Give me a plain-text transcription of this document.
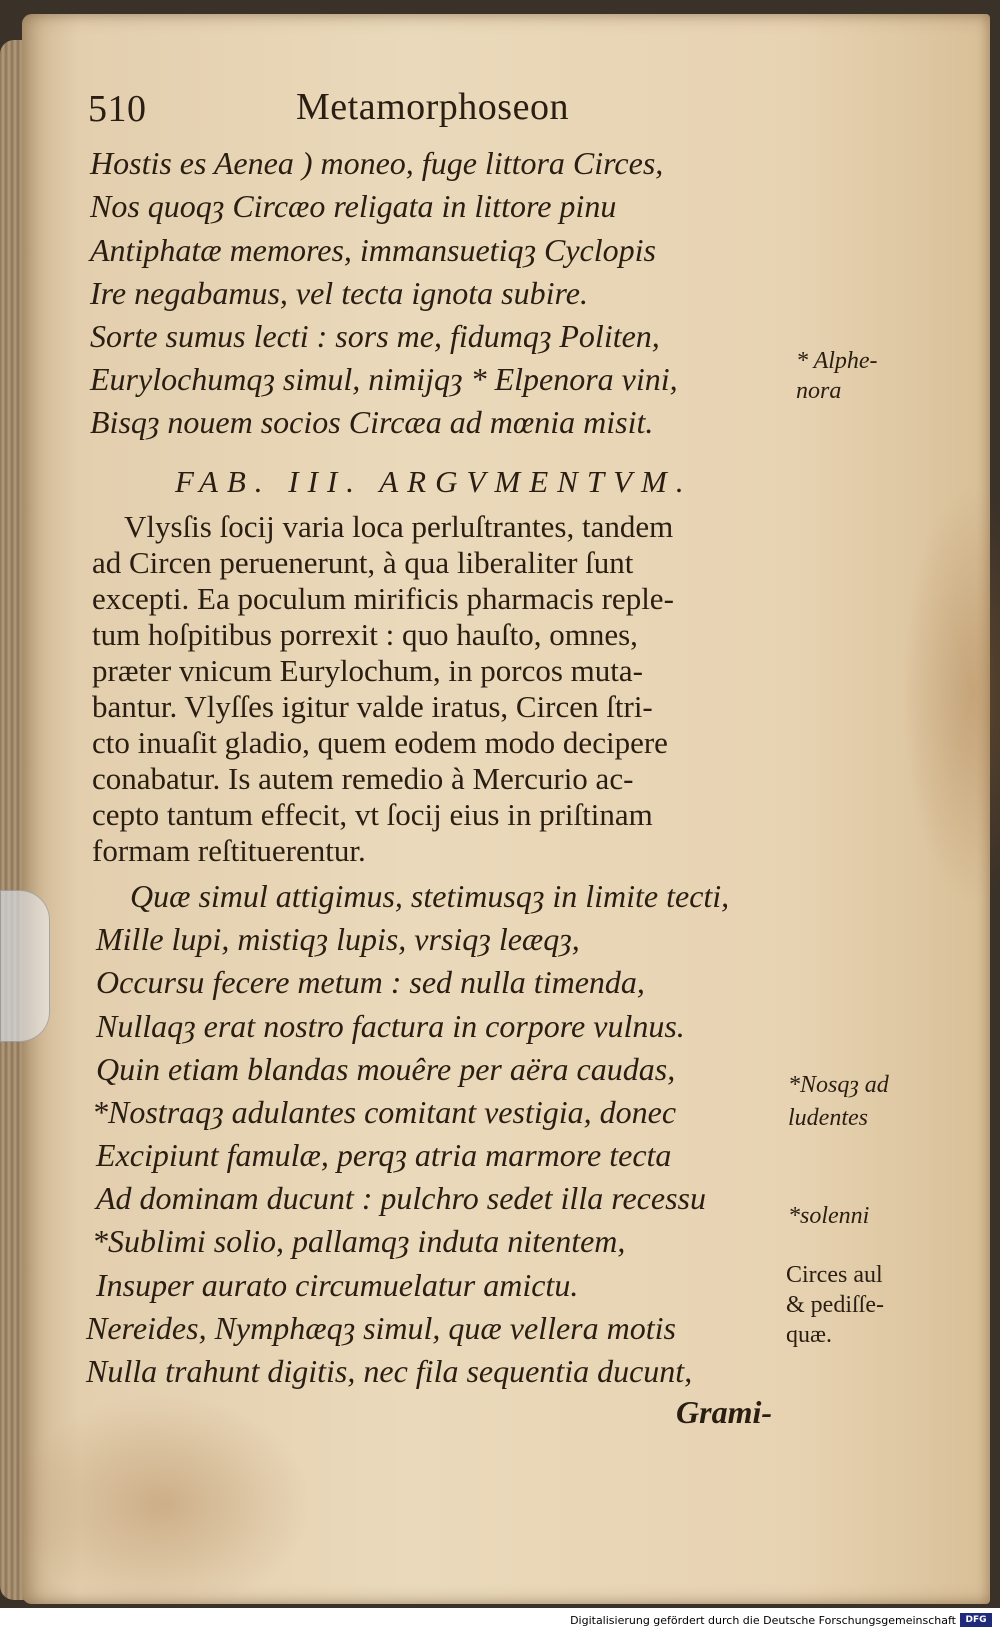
510	Metamorphoseon
Hostis es Aenea ) moneo, fuge littora Circes,
Nos quoqȝ Circæo religata in littore pinu
Antiphatæ memores, immansuetiqȝ Cyclopis
Ire negabamus, vel tecta ignota subire.
Sorte sumus lecti : sors me, fidumqȝ Politen,
Eurylochumqȝ simul, nimijqȝ * Elpenora vini,
Bisqȝ nouem socios Circæa ad mœnia misit.
FAB. III. ARGVMENTVM.
Vlysſis ſocij varia loca perluſtrantes, tandem
ad Circen peruenerunt, à qua liberaliter ſunt
excepti. Ea poculum mirificis pharmacis reple-
tum hoſpitibus porrexit : quo hauſto, omnes,
præter vnicum Eurylochum, in porcos muta-
bantur. Vlyſſes igitur valde iratus, Circen ſtri-
cto inuaſit gladio, quem eodem modo decipere
conabatur. Is autem remedio à Mercurio ac-
cepto tantum effecit, vt ſocij eius in priſtinam
formam reſtituerentur.
Quæ simul attigimus, stetimusqȝ in limite tecti,
Mille lupi, mistiqȝ lupis, vrsiqȝ leæqȝ,
Occursu fecere metum : sed nulla timenda,
Nullaqȝ erat nostro factura in corpore vulnus.
Quin etiam blandas mouêre per aëra caudas,
*Nostraqȝ adulantes comitant vestigia, donec
Excipiunt famulæ, perqȝ atria marmore tecta
Ad dominam ducunt : pulchro sedet illa recessu
*Sublimi solio, pallamqȝ induta nitentem,
Insuper aurato circumuelatur amictu.
Nereides, Nymphæqȝ simul, quæ vellera motis
Nulla trahunt digitis, nec fila sequentia ducunt,
Grami-
* Alphe-
nora
*Nosqȝ ad
ludentes
*solenni
Circes aul
& pediſſe-
quæ.
Digitalisierung gefördert durch die Deutsche Forschungsgemeinschaft	DFG
